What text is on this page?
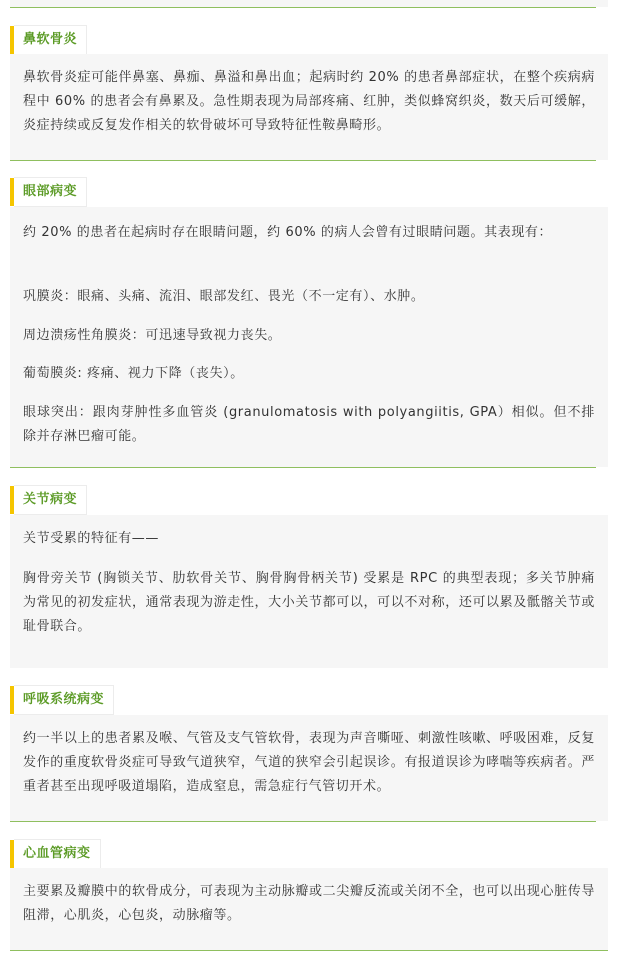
鼻软骨炎

鼻软骨炎症可能伴鼻塞、鼻痂、鼻溢和鼻出血；起病时约 20% 的患者鼻部症状，在整个疾病病程中 60% 的患者会有鼻累及。急性期表现为局部疼痛、红肿，类似蜂窝织炎，数天后可缓解，炎症持续或反复发作相关的软骨破坏可导致特征性鞍鼻畸形。

眼部病变

约 20% 的患者在起病时存在眼睛问题，约 60% 的病人会曾有过眼睛问题。其表现有：

巩膜炎：眼痛、头痛、流泪、眼部发红、畏光（不一定有）、水肿。

周边溃疡性角膜炎：可迅速导致视力丧失。

葡萄膜炎: 疼痛、视力下降（丧失）。

眼球突出：跟肉芽肿性多血管炎 (granulomatosis with polyangiitis, GPA）相似。但不排除并存淋巴瘤可能。

关节病变

关节受累的特征有——

胸骨旁关节 (胸锁关节、肋软骨关节、胸骨胸骨柄关节) 受累是 RPC 的典型表现；多关节肿痛为常见的初发症状，通常表现为游走性，大小关节都可以，可以不对称，还可以累及骶髂关节或耻骨联合。

呼吸系统病变

约一半以上的患者累及喉、气管及支气管软骨，表现为声音嘶哑、刺激性咳嗽、呼吸困难，反复发作的重度软骨炎症可导致气道狭窄，气道的狭窄会引起误诊。有报道误诊为哮喘等疾病者。严重者甚至出现呼吸道塌陷，造成窒息，需急症行气管切开术。

心血管病变

主要累及瓣膜中的软骨成分，可表现为主动脉瓣或二尖瓣反流或关闭不全，也可以出现心脏传导阻滞，心肌炎，心包炎，动脉瘤等。
